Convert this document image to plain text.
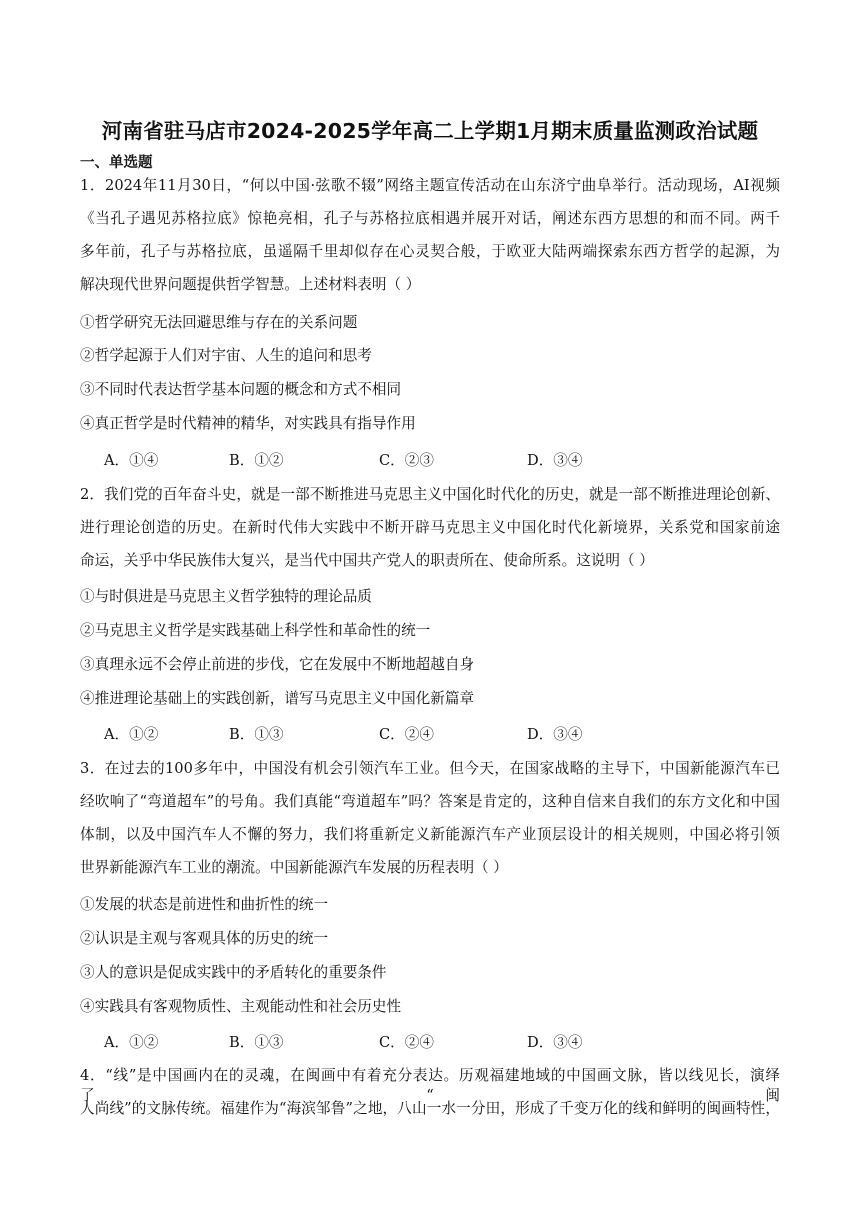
河南省驻马店市2024-2025学年高二上学期1月期末质量监测政治试题
一、单选题
1．2024年11月30日，“何以中国·弦歌不辍”网络主题宣传活动在山东济宁曲阜举行。活动现场，AI视频
《当孔子遇见苏格拉底》惊艳亮相，孔子与苏格拉底相遇并展开对话，阐述东西方思想的和而不同。两千
多年前，孔子与苏格拉底，虽遥隔千里却似存在心灵契合般，于欧亚大陆两端探索东西方哲学的起源，为
解决现代世界问题提供哲学智慧。上述材料表明（ ）
①哲学研究无法回避思维与存在的关系问题
②哲学起源于人们对宇宙、人生的追问和思考
③不同时代表达哲学基本问题的概念和方式不相同
④真正哲学是时代精神的精华，对实践具有指导作用
A．①④	B．①②	C．②③	D．③④
2．我们党的百年奋斗史，就是一部不断推进马克思主义中国化时代化的历史，就是一部不断推进理论创新、
进行理论创造的历史。在新时代伟大实践中不断开辟马克思主义中国化时代化新境界，关系党和国家前途
命运，关乎中华民族伟大复兴，是当代中国共产党人的职责所在、使命所系。这说明（ ）
①与时俱进是马克思主义哲学独特的理论品质
②马克思主义哲学是实践基础上科学性和革命性的统一
③真理永远不会停止前进的步伐，它在发展中不断地超越自身
④推进理论基础上的实践创新，谱写马克思主义中国化新篇章
A．①②	B．①③	C．②④	D．③④
3．在过去的100多年中，中国没有机会引领汽车工业。但今天，在国家战略的主导下，中国新能源汽车已
经吹响了“弯道超车”的号角。我们真能“弯道超车”吗？答案是肯定的，这种自信来自我们的东方文化和中国
体制，以及中国汽车人不懈的努力，我们将重新定义新能源汽车产业顶层设计的相关规则，中国必将引领
世界新能源汽车工业的潮流。中国新能源汽车发展的历程表明（ ）
①发展的状态是前进性和曲折性的统一
②认识是主观与客观具体的历史的统一
③人的意识是促成实践中的矛盾转化的重要条件
④实践具有客观物质性、主观能动性和社会历史性
A．①②	B．①③	C．②④	D．③④
4．“线”是中国画内在的灵魂，在闽画中有着充分表达。历观福建地域的中国画文脉，皆以线见长，演绎了“闽
人尚线”的文脉传统。福建作为“海滨邹鲁”之地，八山一水一分田，形成了千变万化的线和鲜明的闽画特性，
